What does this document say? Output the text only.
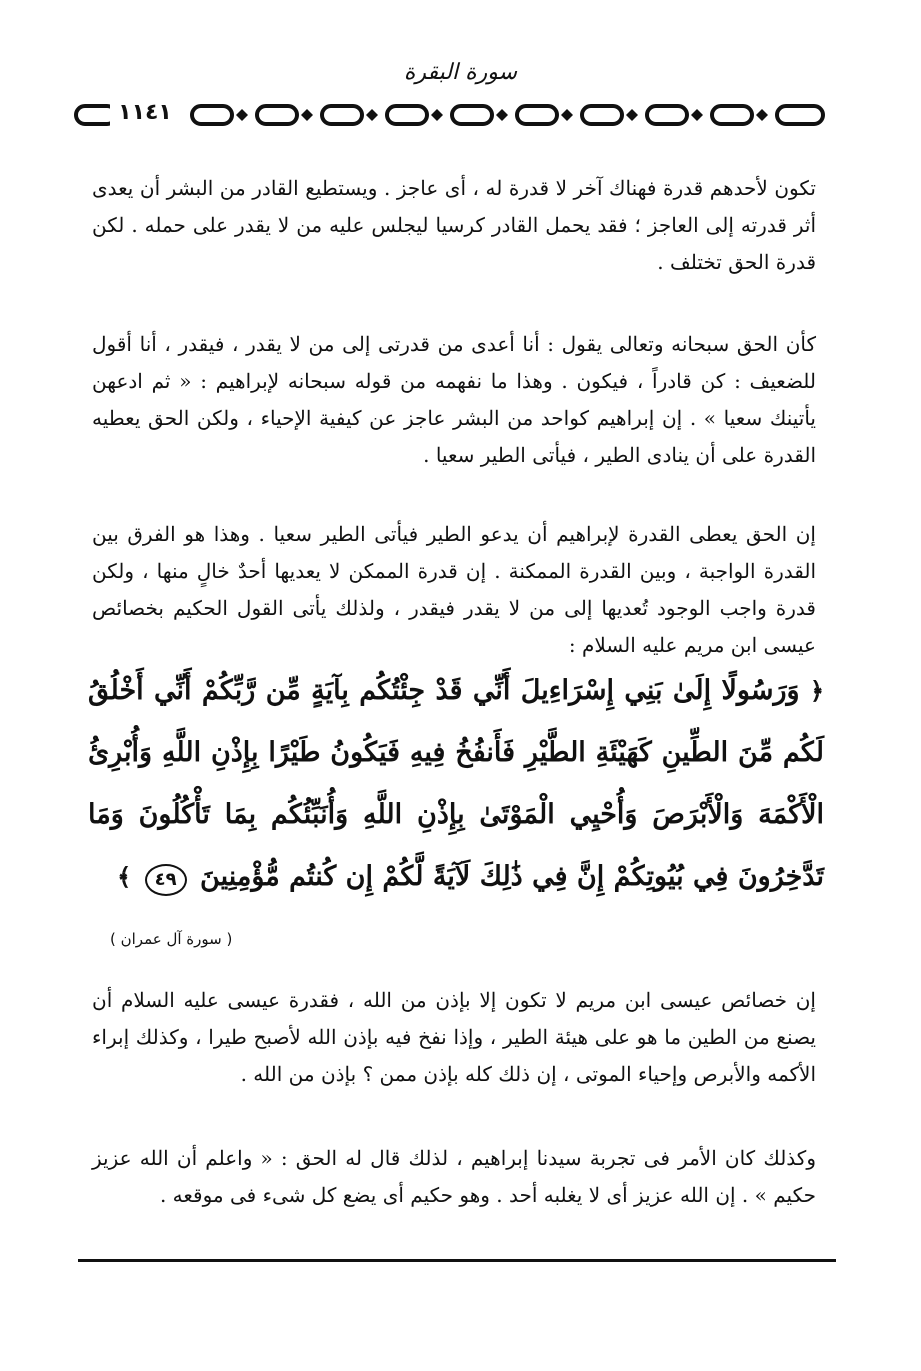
سورة البقرة
١١٤١

تكون لأحدهم قدرة فهناك آخر لا قدرة له ، أى عاجز . ويستطيع القادر من البشر أن يعدى أثر قدرته إلى العاجز ؛ فقد يحمل القادر كرسيا ليجلس عليه من لا يقدر على حمله . لكن قدرة الحق تختلف .

كأن الحق سبحانه وتعالى يقول : أنا أعدى من قدرتى إلى من لا يقدر ، فيقدر ، أنا أقول للضعيف : كن قادراً ، فيكون . وهذا ما نفهمه من قوله سبحانه لإبراهيم : « ثم ادعهن يأتينك سعيا » . إن إبراهيم كواحد من البشر عاجز عن كيفية الإحياء ، ولكن الحق يعطيه القدرة على أن ينادى الطير ، فيأتى الطير سعيا .

إن الحق يعطى القدرة لإبراهيم أن يدعو الطير فيأتى الطير سعيا . وهذا هو الفرق بين القدرة الواجبة ، وبين القدرة الممكنة . إن قدرة الممكن لا يعديها أحدٌ خالٍ منها ، ولكن قدرة واجب الوجود تُعديها إلى من لا يقدر فيقدر ، ولذلك يأتى القول الحكيم بخصائص عيسى ابن مريم عليه السلام :

﴿ وَرَسُولًا إِلَىٰ بَنِي إِسْرَاءِيلَ أَنِّي قَدْ جِئْتُكُم بِآيَةٍ مِّن رَّبِّكُمْ أَنِّي أَخْلُقُ لَكُم مِّنَ الطِّينِ كَهَيْئَةِ الطَّيْرِ فَأَنفُخُ فِيهِ فَيَكُونُ طَيْرًا بِإِذْنِ اللَّهِ وَأُبْرِئُ الْأَكْمَهَ وَالْأَبْرَصَ وَأُحْيِي الْمَوْتَىٰ بِإِذْنِ اللَّهِ وَأُنَبِّئُكُم بِمَا تَأْكُلُونَ وَمَا تَدَّخِرُونَ فِي بُيُوتِكُمْ إِنَّ فِي ذَٰلِكَ لَآيَةً لَّكُمْ إِن كُنتُم مُّؤْمِنِينَ ٤٩ ﴾
( سورة آل عمران )

إن خصائص عيسى ابن مريم لا تكون إلا بإذن من الله ، فقدرة عيسى عليه السلام أن يصنع من الطين ما هو على هيئة الطير ، وإذا نفخ فيه بإذن الله لأصبح طيرا ، وكذلك إبراء الأكمه والأبرص وإحياء الموتى ، إن ذلك كله بإذن ممن ؟ بإذن من الله .

وكذلك كان الأمر فى تجربة سيدنا إبراهيم ، لذلك قال له الحق : « واعلم أن الله عزيز حكيم » . إن الله عزيز أى لا يغلبه أحد . وهو حكيم أى يضع كل شىء فى موقعه .
